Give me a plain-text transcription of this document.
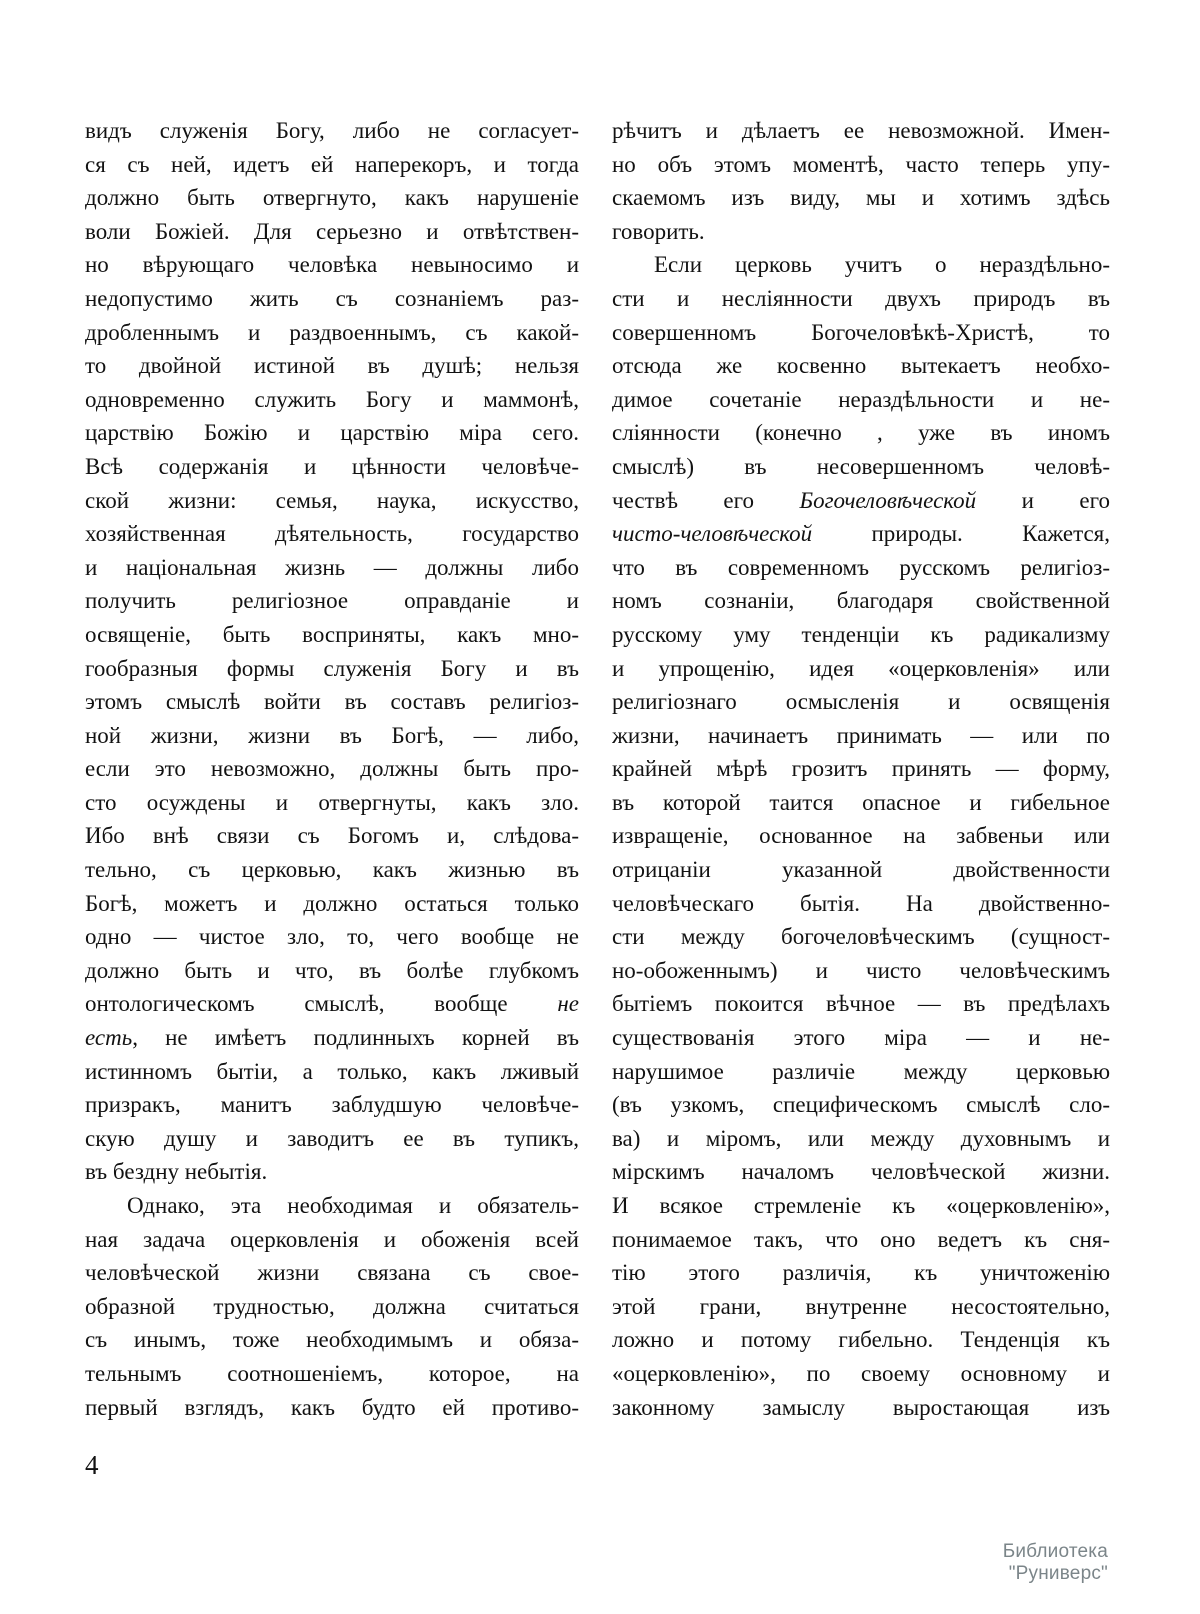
видъ служенія Богу, либо не согласует-
ся съ ней, идетъ ей наперекоръ, и тогда
должно быть отвергнуто, какъ нарушеніе
воли Божіей. Для серьезно и отвѣтствен-
но вѣрующаго человѣка невыносимо и
недопустимо жить съ сознаніемъ раз-
дробленнымъ и раздвоеннымъ, съ какой-
то двойной истиной въ душѣ; нельзя
одновременно служить Богу и маммонѣ,
царствію Божію и царствію міра сего.
Всѣ содержанія и цѣнности человѣче-
ской жизни: семья, наука, искусство,
хозяйственная дѣятельность, государство
и національная жизнь — должны либо
получить религіозное оправданіе и
освященіе, быть восприняты, какъ мно-
гообразныя формы служенія Богу и въ
этомъ смыслѣ войти въ составъ религіоз-
ной жизни, жизни въ Богѣ, — либо,
если это невозможно, должны быть про-
сто осуждены и отвергнуты, какъ зло.
Ибо внѣ связи съ Богомъ и, слѣдова-
тельно, съ церковью, какъ жизнью въ
Богѣ, можетъ и должно остаться только
одно — чистое зло, то, чего вообще не
должно быть и что, въ болѣе глубкомъ
онтологическомъ смыслѣ, вообще не
есть, не имѣетъ подлинныхъ корней въ
истинномъ бытіи, а только, какъ лживый
призракъ, манитъ заблудшую человѣче-
скую душу и заводитъ ее въ тупикъ,
въ бездну небытія.
Однако, эта необходимая и обязатель-
ная задача оцерковленія и обоженія всей
человѣческой жизни связана съ свое-
образной трудностью, должна считаться
съ инымъ, тоже необходимымъ и обяза-
тельнымъ соотношеніемъ, которое, на
первый взглядъ, какъ будто ей противо-
рѣчитъ и дѣлаетъ ее невозможной. Имен-
но объ этомъ моментѣ, часто теперь упу-
скаемомъ изъ виду, мы и хотимъ здѣсь
говорить.
Если церковь учитъ о нераздѣльно-
сти и несліянности двухъ природъ въ
совершенномъ Богочеловѣкѣ-Христѣ, то
отсюда же косвенно вытекаетъ необхо-
димое сочетаніе нераздѣльности и не-
сліянности (конечно , уже въ иномъ
смыслѣ) въ несовершенномъ человѣ-
чествѣ его Богочеловѣческой и его
чисто-человѣческой природы. Кажется,
что въ современномъ русскомъ религіоз-
номъ сознаніи, благодаря свойственной
русскому уму тенденціи къ радикализму
и упрощенію, идея «оцерковленія» или
религіознаго осмысленія и освященія
жизни, начинаетъ принимать — или по
крайней мѣрѣ грозитъ принять — форму,
въ которой таится опасное и гибельное
извращеніе, основанное на забвеньи или
отрицаніи указанной двойственности
человѣческаго бытія. На двойственно-
сти между богочеловѣческимъ (сущност-
но-обоженнымъ) и чисто человѣческимъ
бытіемъ покоится вѣчное — въ предѣлахъ
существованія этого міра — и не-
нарушимое различіе между церковью
(въ узкомъ, специфическомъ смыслѣ сло-
ва) и міромъ, или между духовнымъ и
мірскимъ началомъ человѣческой жизни.
И всякое стремленіе къ «оцерковленію»,
понимаемое такъ, что оно ведетъ къ сня-
тію этого различія, къ уничтоженію
этой грани, внутренне несостоятельно,
ложно и потому гибельно. Тенденція къ
«оцерковленію», по своему основному и
законному замыслу выростающая изъ
4
Библиотека "Руниверс"
